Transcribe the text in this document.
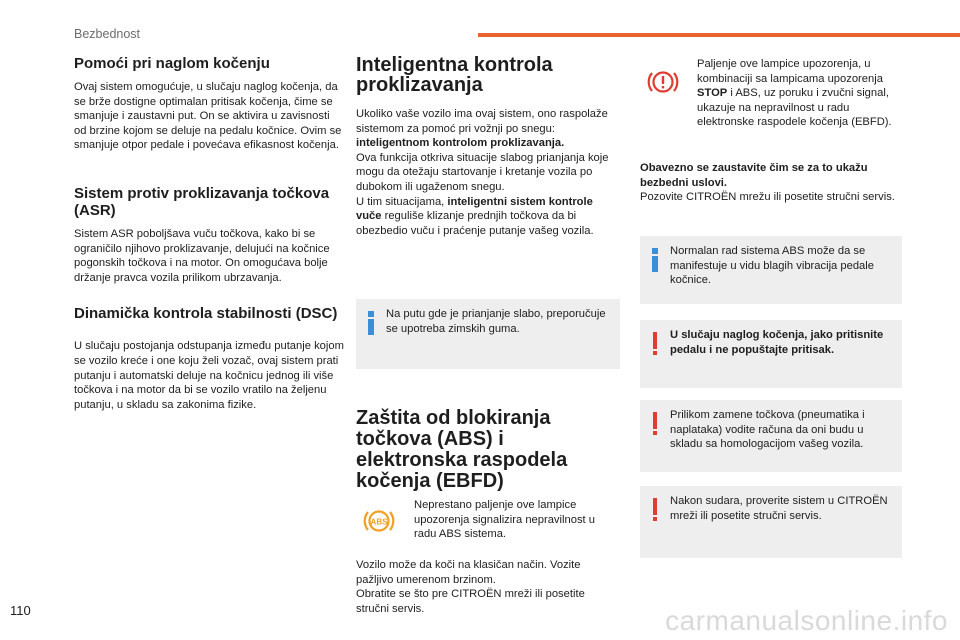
Bezbednost
Pomoći pri naglom kočenju

Ovaj sistem omogućuje, u slučaju naglog kočenja, da se brže dostigne optimalan pritisak kočenja, čime se smanjuje i zaustavni put. On se aktivira u zavisnosti od brzine kojom se deluje na pedalu kočnice. Ovim se smanjuje otpor pedale i povećava efikasnost kočenja.

Sistem protiv proklizavanja točkova (ASR)

Sistem ASR poboljšava vuču točkova, kako bi se ograničilo njihovo proklizavanje, delujući na kočnice pogonskih točkova i na motor. On omogućava bolje držanje pravca vozila prilikom ubrzavanja.

Dinamička kontrola stabilnosti (DSC)

U slučaju postojanja odstupanja između putanje kojom se vozilo kreće i one koju želi vozač, ovaj sistem prati putanju i automatski deluje na kočnicu jednog ili više točkova i na motor da bi se vozilo vratilo na željenu putanju, u skladu sa zakonima fizike.

Inteligentna kontrola proklizavanja

Ukoliko vaše vozilo ima ovaj sistem, ono raspolaže sistemom za pomoć pri vožnji po snegu: inteligentnom kontrolom proklizavanja.
Ova funkcija otkriva situacije slabog prianjanja koje mogu da otežaju startovanje i kretanje vozila po dubokom ili ugaženom snegu.
U tim situacijama, inteligentni sistem kontrole vuče reguliše klizanje prednjih točkova da bi obezbedio vuču i praćenje putanje vašeg vozila.

Na putu gde je prianjanje slabo, preporučuje se upotreba zimskih guma.

Zaštita od blokiranja točkova (ABS) i elektronska raspodela kočenja (EBFD)
ABS

Neprestano paljenje ove lampice upozorenja signalizira nepravilnost u radu ABS sistema.

Vozilo može da koči na klasičan način. Vozite pažljivo umerenom brzinom.
Obratite se što pre CITROËN mreži ili posetite stručni servis.

Paljenje ove lampice upozorenja, u kombinaciji sa lampicama upozorenja STOP i ABS, uz poruku i zvučni signal, ukazuje na nepravilnost u radu elektronske raspodele kočenja (EBFD).

Obavezno se zaustavite čim se za to ukažu bezbedni uslovi.
Pozovite CITROËN mrežu ili posetite stručni servis.

Normalan rad sistema ABS može da se manifestuje u vidu blagih vibracija pedale kočnice.

U slučaju naglog kočenja, jako pritisnite pedalu i ne popuštajte pritisak.

Prilikom zamene točkova (pneumatika i naplataka) vodite računa da oni budu u skladu sa homologacijom vašeg vozila.

Nakon sudara, proverite sistem u CITROËN mreži ili posetite stručni servis.

110	carmanualsonline.info
